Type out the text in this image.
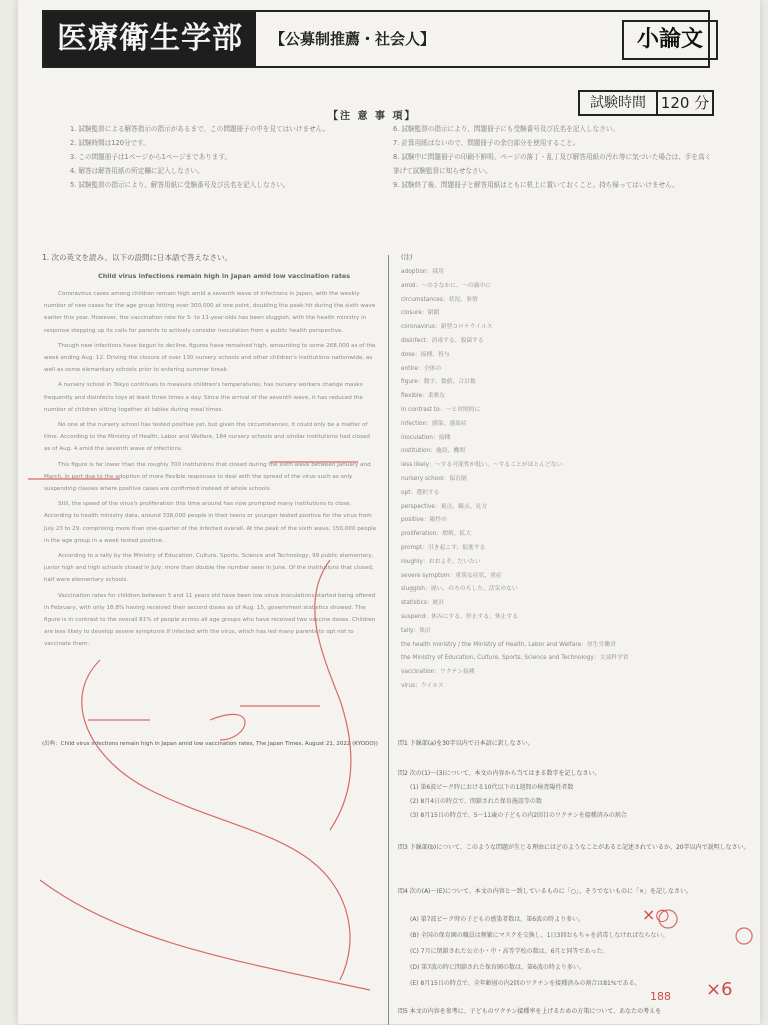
医療衛生学部	【公募制推薦・社会人】	小論文
試験時間 120 分
【注 意 事 項】
1. 試験監督による解答指示の指示があるまで、この問題冊子の中を見てはいけません。
2. 試験時間は120分です。
3. この問題冊子は1ページから1ページまであります。
4. 解答は解答用紙の所定欄に記入しなさい。
5. 試験監督の指示により、解答用紙に受験番号及び氏名を記入しなさい。
6. 試験監督の指示により、問題冊子にも受験番号及び氏名を記入しなさい。
7. 計算用紙はないので、問題冊子の余白部分を使用すること。
8. 試験中に問題冊子の印刷不鮮明、ページの落丁・乱丁及び解答用紙の汚れ等に気づいた場合は、手を高く挙げて試験監督に知らせなさい。
9. 試験終了後、問題冊子と解答用紙はともに机上に置いておくこと。持ち帰ってはいけません。
1. 次の英文を読み、以下の設問に日本語で答えなさい。
Child virus infections remain high in Japan amid low vaccination rates

Coronavirus cases among children remain high amid a seventh wave of infections in Japan, with the weekly number of new cases for the age group hitting over 300,000 at one point, doubling the peak hit during the sixth wave earlier this year. However, the vaccination rate for 5- to 11-year-olds has been sluggish, with the health ministry in response stepping up its calls for parents to actively consider inoculation from a public health perspective.

Though new infections have begun to decline, figures have remained high, amounting to some 268,000 as of the week ending Aug. 12. Driving the closure of over 130 nursery schools and other children's institutions nationwide, as well as some elementary schools prior to entering summer break.

A nursery school in Tokyo continues to measure children's temperatures, has nursery workers change masks frequently and disinfects toys at least three times a day. Since the arrival of the seventh wave, it has reduced the number of children sitting together at tables during meal times.

No one at the nursery school has tested positive yet, but given the circumstances, it could only be a matter of time. According to the Ministry of Health, Labor and Welfare, 184 nursery schools and similar institutions had closed as of Aug. 4 amid the seventh wave of infections.

This figure is far lower than the roughly 700 institutions that closed during the sixth wave between January and March, in part due to the adoption of more flexible responses to deal with the spread of the virus such as only suspending classes where positive cases are confirmed instead of whole schools.

Still, the speed of the virus's proliferation this time around has now prompted many institutions to close. According to health ministry data, around 338,000 people in their teens or younger tested positive for the virus from July 23 to 29, comprising more than one-quarter of the infected overall. At the peak of the sixth wave, 150,000 people in the age group in a week tested positive.

According to a tally by the Ministry of Education, Culture, Sports, Science and Technology, 99 public elementary, junior high and high schools closed in July, more than double the number seen in June. Of the institutions that closed, half were elementary schools.

Vaccination rates for children between 5 and 11 years old have been low since inoculations started being offered in February, with only 18.8% having received their second doses as of Aug. 15, government statistics showed. The figure is in contrast to the overall 81% of people across all age groups who have received two vaccine doses. Children are less likely to develop severe symptoms if infected with the virus, which has led many parents to opt not to vaccinate them.

(出典：Child virus infections remain high in Japan amid low vaccination rates, The Japan Times, August 21, 2022 (KYODO))
(注)
adoption：採用
amid：～のさなかに、～の渦中に
circumstances：状況、事情
closure：閉鎖
coronavirus：新型コロナウイルス
disinfect：消毒する、殺菌する
dose：接種、投与
entire：全体の
figure：数字、数値、合計数
flexible：柔軟な
in contrast to：～と対照的に
infection：感染、感染症
inoculation：接種
institution：施設、機関
less likely：～する可能性が低い、～することがほとんどない
nursery school：保育園
opt：選択する
perspective：視点、観点、見方
positive：陽性の
proliferation：増殖、拡大
prompt：引き起こす、促進する
roughly：おおよそ、だいたい
severe symptom：重篤な症状、重症
sluggish：遅い、のろのろした、活気のない
statistics：統計
suspend：休みにする、停止する、休止する
tally：集計
the health ministry / the Ministry of Health, Labor and Welfare：厚生労働省
the Ministry of Education, Culture, Sports, Science and Technology：文部科学省
vaccination：ワクチン接種
virus：ウイルス
問1 下線部(a)を30字以内で日本語に訳しなさい。
問2 次の(1)～(3)について、本文の内容から当てはまる数字を記しなさい。
(1) 第6波ピーク時における10代以下の1週間の検査陽性者数
(2) 8月4日の時点で、閉鎖された保育施設等の数
(3) 8月15日の時点で、5～11歳の子どもの内2回目のワクチンを接種済みの割合
問3 下線部(b)について、このような問題が生じる理由にはどのようなことがあると記述されているか、20字以内で説明しなさい。
問4 次の(A)～(E)について、本文の内容と一致しているものに「○」、そうでないものに「×」を記しなさい。
(A) 第7波ピーク時の子どもの感染者数は、第6波の時より多い。
(B) 全国の保育園の職員は頻繁にマスクを交換し、1日3回おもちゃを消毒しなければならない。
(C) 7月に閉鎖された公立小・中・高等学校の数は、6月と同等であった。
(D) 第7波の時に閉鎖された保育園の数は、第6波の時より多い。
(E) 8月15日の時点で、全年齢層の内2回のワクチンを接種済みの割合は81%である。
問5 本文の内容を参考に、子どものワクチン接種率を上げるための方策について、あなたの考えを
×○
188 ×6
